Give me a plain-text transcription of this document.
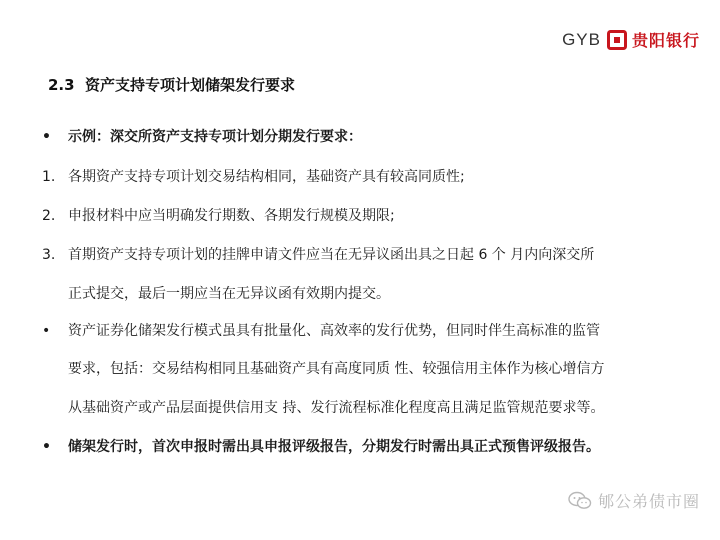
GYB 贵阳银行
2.3 资产支持专项计划储架发行要求
• 示例：深交所资产支持专项计划分期发行要求：
1. 各期资产支持专项计划交易结构相同，基础资产具有较高同质性;
2. 申报材料中应当明确发行期数、各期发行规模及期限;
3. 首期资产支持专项计划的挂牌申请文件应当在无异议函出具之日起 6 个 月内向深交所
正式提交，最后一期应当在无异议函有效期内提交。
• 资产证券化储架发行模式虽具有批量化、高效率的发行优势，但同时伴生高标准的监管
要求，包括：交易结构相同且基础资产具有高度同质 性、较强信用主体作为核心增信方
从基础资产或产品层面提供信用支 持、发行流程标准化程度高且满足监管规范要求等。
• 储架发行时，首次申报时需出具申报评级报告，分期发行时需出具正式预售评级报告。
郇公弟债市圈
